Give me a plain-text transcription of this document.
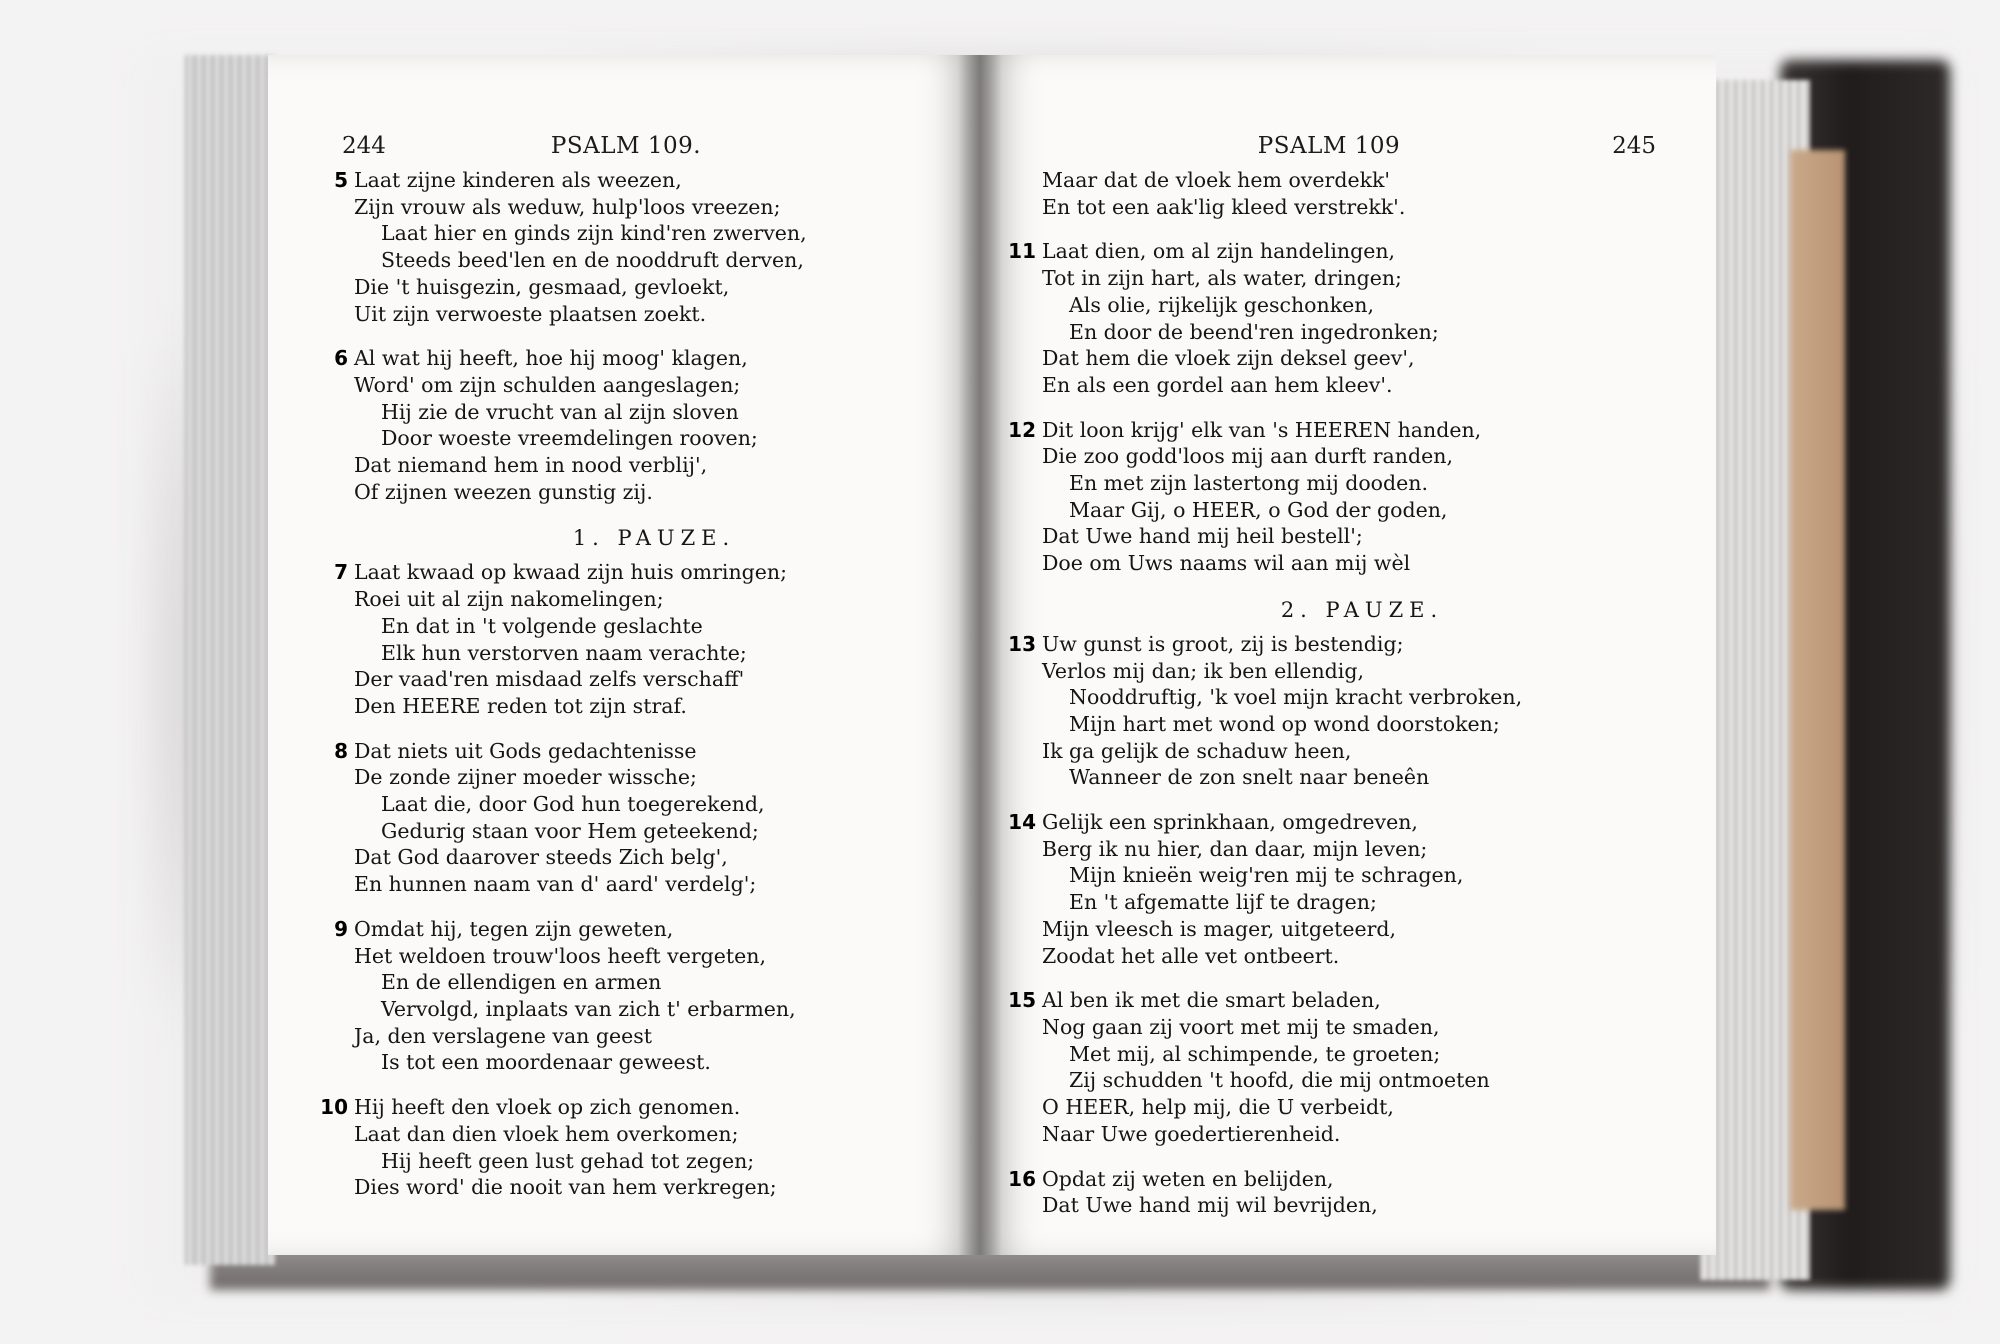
244	PSALM 109.
5 Laat zijne kinderen als weezen,
Zijn vrouw als weduw, hulp'loos vreezen;
Laat hier en ginds zijn kind'ren zwerven,
Steeds beed'len en de nooddruft derven,
Die 't huisgezin, gesmaad, gevloekt,
Uit zijn verwoeste plaatsen zoekt.
6 Al wat hij heeft, hoe hij moog' klagen,
Word' om zijn schulden aangeslagen;
Hij zie de vrucht van al zijn sloven
Door woeste vreemdelingen rooven;
Dat niemand hem in nood verblij',
Of zijnen weezen gunstig zij.
1. PAUZE.
7 Laat kwaad op kwaad zijn huis omringen;
Roei uit al zijn nakomelingen;
En dat in 't volgende geslachte
Elk hun verstorven naam verachte;
Der vaad'ren misdaad zelfs verschaff'
Den HEERE reden tot zijn straf.
8 Dat niets uit Gods gedachtenisse
De zonde zijner moeder wissche;
Laat die, door God hun toegerekend,
Gedurig staan voor Hem geteekend;
Dat God daarover steeds Zich belg',
En hunnen naam van d' aard' verdelg';
9 Omdat hij, tegen zijn geweten,
Het weldoen trouw'loos heeft vergeten,
En de ellendigen en armen
Vervolgd, inplaats van zich t' erbarmen,
Ja, den verslagene van geest
Is tot een moordenaar geweest.
10 Hij heeft den vloek op zich genomen.
Laat dan dien vloek hem overkomen;
Hij heeft geen lust gehad tot zegen;
Dies word' die nooit van hem verkregen;
PSALM 109	245
Maar dat de vloek hem overdekk'
En tot een aak'lig kleed verstrekk'.
11 Laat dien, om al zijn handelingen,
Tot in zijn hart, als water, dringen;
Als olie, rijkelijk geschonken,
En door de beend'ren ingedronken;
Dat hem die vloek zijn deksel geev',
En als een gordel aan hem kleev'.
12 Dit loon krijg' elk van 's HEEREN handen,
Die zoo godd'loos mij aan durft randen,
En met zijn lastertong mij dooden.
Maar Gij, o HEER, o God der goden,
Dat Uwe hand mij heil bestell';
Doe om Uws naams wil aan mij wèl
2. PAUZE.
13 Uw gunst is groot, zij is bestendig;
Verlos mij dan; ik ben ellendig,
Nooddruftig, 'k voel mijn kracht verbroken,
Mijn hart met wond op wond doorstoken;
Ik ga gelijk de schaduw heen,
Wanneer de zon snelt naar beneên
14 Gelijk een sprinkhaan, omgedreven,
Berg ik nu hier, dan daar, mijn leven;
Mijn knieën weig'ren mij te schragen,
En 't afgematte lijf te dragen;
Mijn vleesch is mager, uitgeteerd,
Zoodat het alle vet ontbeert.
15 Al ben ik met die smart beladen,
Nog gaan zij voort met mij te smaden,
Met mij, al schimpende, te groeten;
Zij schudden 't hoofd, die mij ontmoeten
O HEER, help mij, die U verbeidt,
Naar Uwe goedertierenheid.
16 Opdat zij weten en belijden,
Dat Uwe hand mij wil bevrijden,
